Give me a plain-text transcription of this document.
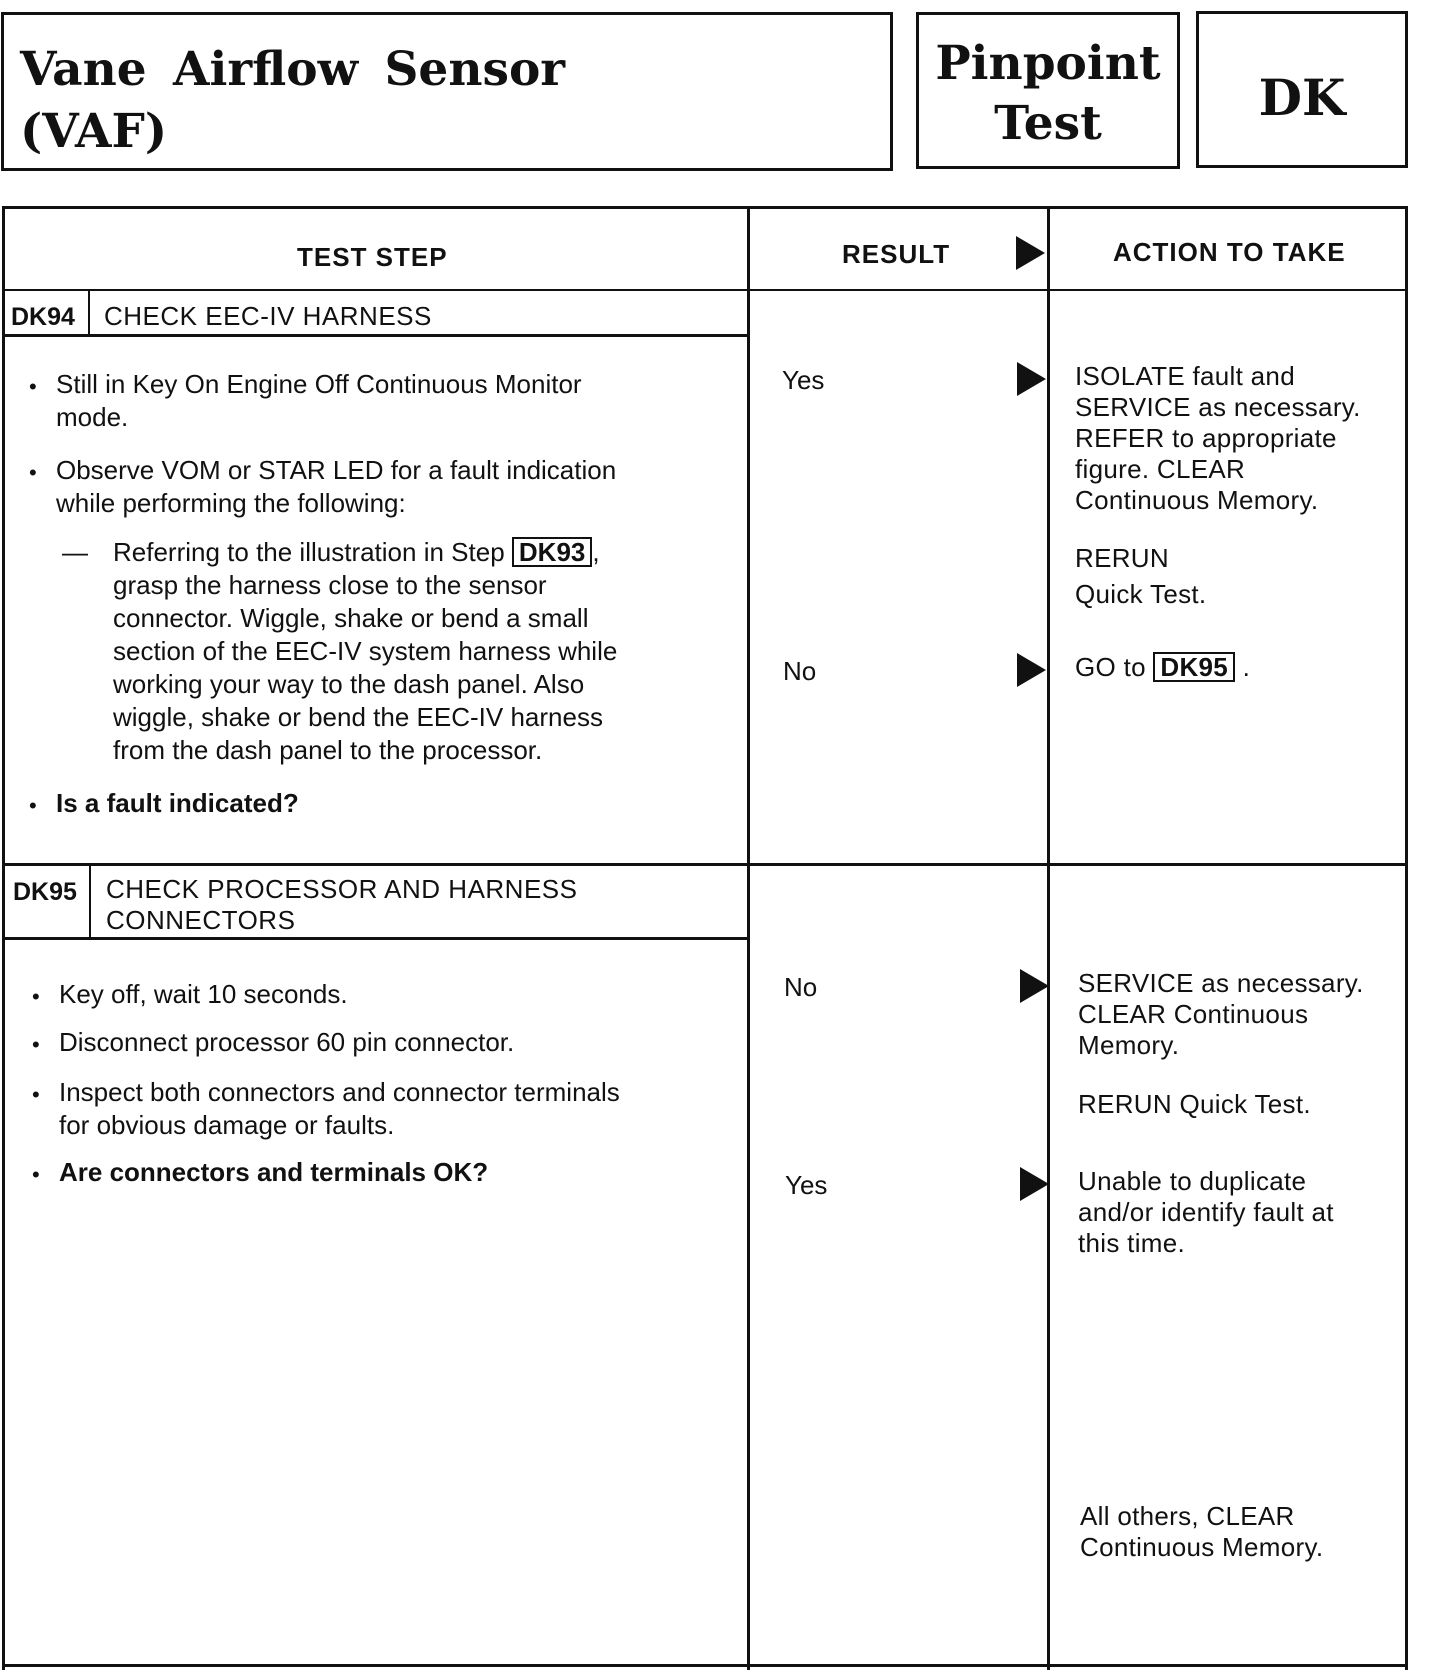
Vane Airflow Sensor
(VAF)
Pinpoint
Test	DK
TEST STEP	RESULT	ACTION TO TAKE
DK94 CHECK EEC-IV HARNESS
• Still in Key On Engine Off Continuous Monitor
mode.
• Observe VOM or STAR LED for a fault indication
while performing the following:
— Referring to the illustration in Step DK93 ,
grasp the harness close to the sensor
connector. Wiggle, shake or bend a small
section of the EEC-IV system harness while
working your way to the dash panel. Also
wiggle, shake or bend the EEC-IV harness
from the dash panel to the processor.
• Is a fault indicated?
Yes	ISOLATE fault and
SERVICE as necessary.
REFER to appropriate
figure. CLEAR
Continuous Memory.
RERUN
Quick Test.
No	GO to DK95 .
DK95 CHECK PROCESSOR AND HARNESS
CONNECTORS
• Key off, wait 10 seconds.
• Disconnect processor 60 pin connector.
• Inspect both connectors and connector terminals
for obvious damage or faults.
• Are connectors and terminals OK?
No	SERVICE as necessary.
CLEAR Continuous
Memory.
RERUN Quick Test.
Yes	Unable to duplicate
and/or identify fault at
this time.
All others, CLEAR
Continuous Memory.
